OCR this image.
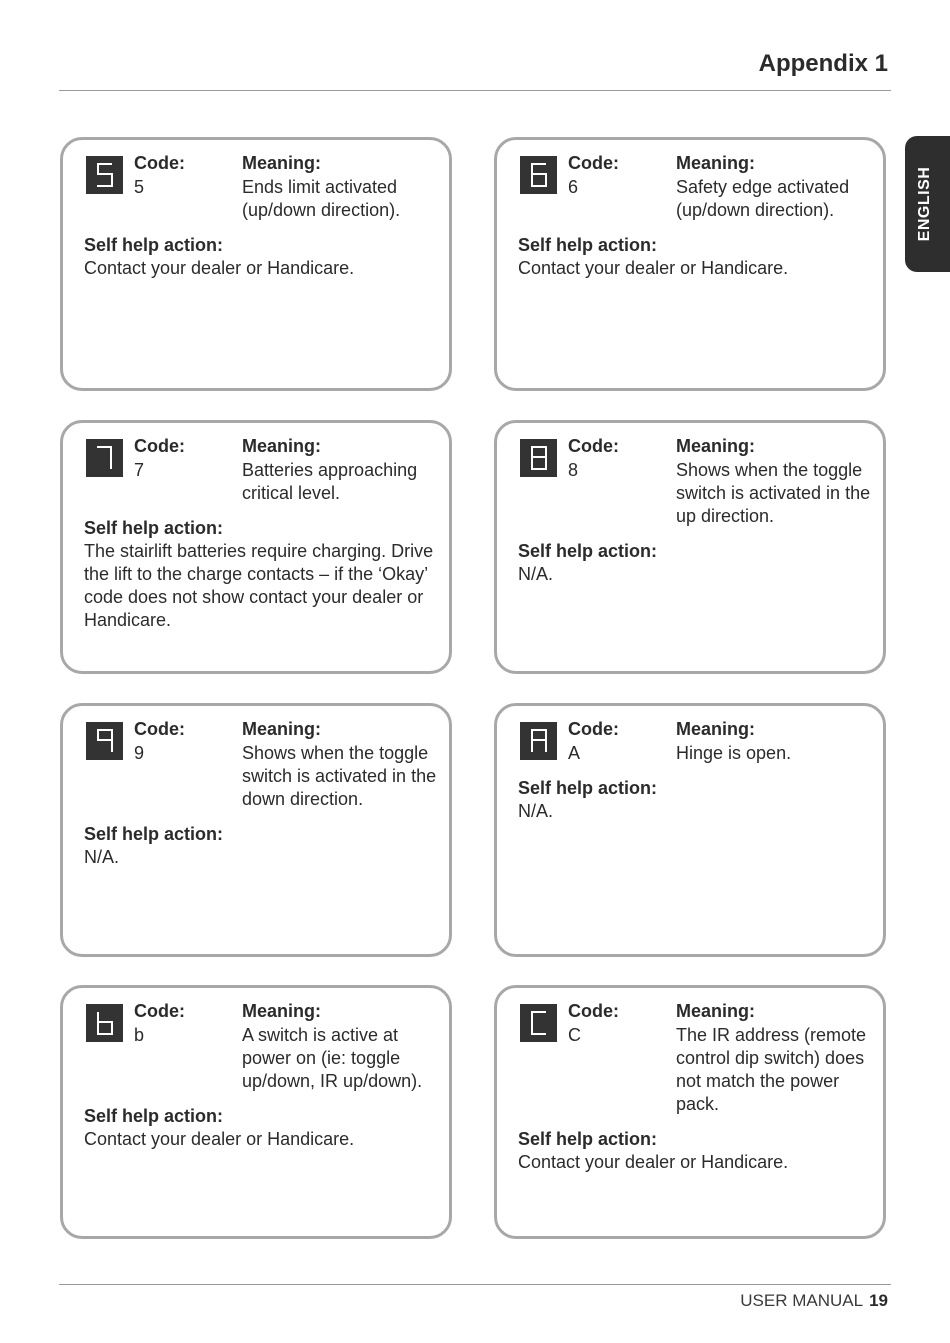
Appendix 1
ENGLISH
Code:
5
Meaning:
Ends limit activated (up/down direction).
Self help action:
Contact your dealer or Handicare.
Code:
6
Meaning:
Safety edge activated (up/down direction).
Self help action:
Contact your dealer or Handicare.
Code:
7
Meaning:
Batteries approaching critical level.
Self help action:
The stairlift batteries require charging. Drive the lift to the charge contacts – if the ‘Okay’ code does not show contact your dealer or Handicare.
Code:
8
Meaning:
Shows when the toggle switch is activated in the up direction.
Self help action:
N/A.
Code:
9
Meaning:
Shows when the toggle switch is activated in the down direction.
Self help action:
N/A.
Code:
A
Meaning:
Hinge is open.
Self help action:
N/A.
Code:
b
Meaning:
A switch is active at power on (ie: toggle up/down, IR up/down).
Self help action:
Contact your dealer or Handicare.
Code:
C
Meaning:
The IR address (remote control dip switch) does not match the power pack.
Self help action:
Contact your dealer or Handicare.
USER MANUAL 19
